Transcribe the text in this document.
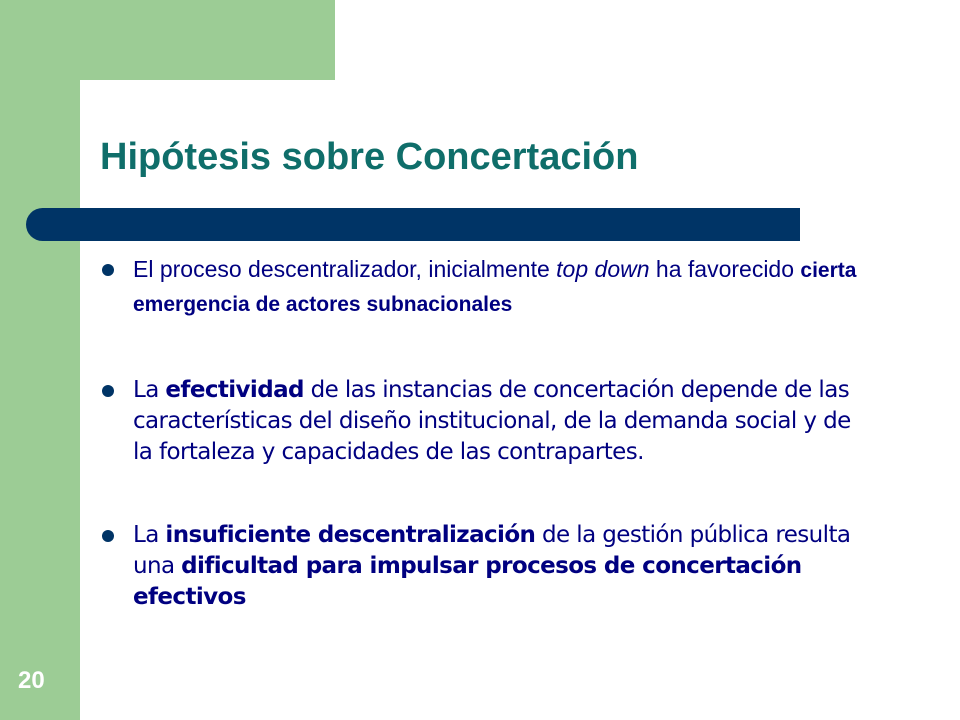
Hipótesis sobre Concertación
El proceso descentralizador, inicialmente top down ha favorecido cierta emergencia de actores subnacionales
La efectividad de las instancias de concertación depende de las características del diseño institucional, de la demanda social y de la fortaleza y capacidades de las contrapartes.
La insuficiente descentralización de la gestión pública resulta una dificultad para impulsar procesos de concertación efectivos
20
